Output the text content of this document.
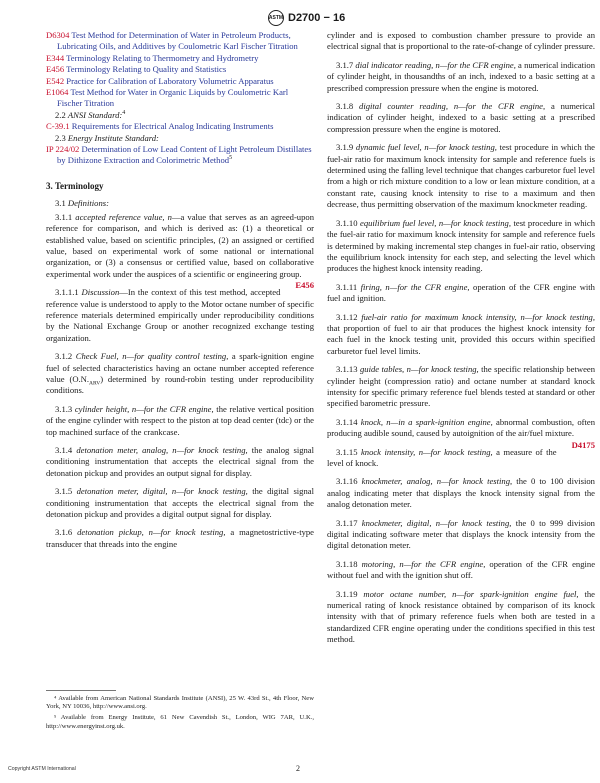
ASTM D2700 − 16
D6304 Test Method for Determination of Water in Petroleum Products, Lubricating Oils, and Additives by Coulometric Karl Fischer Titration
E344 Terminology Relating to Thermometry and Hydrometry
E456 Terminology Relating to Quality and Statistics
E542 Practice for Calibration of Laboratory Volumetric Apparatus
E1064 Test Method for Water in Organic Liquids by Coulometric Karl Fischer Titration
2.2 ANSI Standard:$^4$
C-39.1 Requirements for Electrical Analog Indicating Instruments
2.3 Energy Institute Standard:
IP 224/02 Determination of Low Lead Content of Light Petroleum Distillates by Dithizone Extraction and Colorimetric Method$^5$
3. Terminology

3.1 Definitions:

3.1.1 accepted reference value, n—a value that serves as an agreed-upon reference for comparison, and which is derived as: (1) a theoretical or established value, based on scientific principles, (2) an assigned or certified value, based on experimental work of some national or international organization, or (3) a consensus or certified value, based on collaborative experimental work under the auspices of a scientific or engineering group.
E456

3.1.1.1 Discussion—In the context of this test method, accepted reference value is understood to apply to the Motor octane number of specific reference materials determined empirically under reproducibility conditions by the National Exchange Group or another recognized exchange testing organization.

3.1.2 Check Fuel, n—for quality control testing, a spark-ignition engine fuel of selected characteristics having an octane number accepted reference value $(O.N._{ARV})$ determined by round-robin testing under reproducibility conditions.

3.1.3 cylinder height, n—for the CFR engine, the relative vertical position of the engine cylinder with respect to the piston at top dead center (tdc) or the top machined surface of the crankcase.

3.1.4 detonation meter, analog, n—for knock testing, the analog signal conditioning instrumentation that accepts the electrical signal from the detonation pickup and provides an output signal for display.

3.1.5 detonation meter, digital, n—for knock testing, the digital signal conditioning instrumentation that accepts the electrical signal from the detonation pickup and provides a digital output signal for display.

3.1.6 detonation pickup, n—for knock testing, a magnetostrictive-type transducer that threads into the engine

⁴ Available from American National Standards Institute (ANSI), 25 W. 43rd St., 4th Floor, New York, NY 10036, http://www.ansi.org.
⁵ Available from Energy Institute, 61 New Cavendish St., London, WIG 7AR, U.K., http://www.energyinst.org.uk.

cylinder and is exposed to combustion chamber pressure to provide an electrical signal that is proportional to the rate-of-change of cylinder pressure.

3.1.7 dial indicator reading, n—for the CFR engine, a numerical indication of cylinder height, in thousandths of an inch, indexed to a basic setting at a prescribed compression pressure when the engine is motored.

3.1.8 digital counter reading, n—for the CFR engine, a numerical indication of cylinder height, indexed to a basic setting at a prescribed compression pressure when the engine is motored.

3.1.9 dynamic fuel level, n—for knock testing, test procedure in which the fuel-air ratio for maximum knock intensity for sample and reference fuels is determined using the falling level technique that changes carburetor fuel level from a high or rich mixture condition to a low or lean mixture condition, at a constant rate, causing knock intensity to rise to a maximum and then decrease, thus permitting observation of the maximum knockmeter reading.

3.1.10 equilibrium fuel level, n—for knock testing, test procedure in which the fuel-air ratio for maximum knock intensity for sample and reference fuels is determined by making incremental step changes in fuel-air ratio, observing the equilibrium knock intensity for each step, and selecting the level which produces the highest knock intensity reading.

3.1.11 firing, n—for the CFR engine, operation of the CFR engine with fuel and ignition.

3.1.12 fuel-air ratio for maximum knock intensity, n—for knock testing, that proportion of fuel to air that produces the highest knock intensity for each fuel in the knock testing unit, provided this occurs within specified carburetor fuel level limits.

3.1.13 guide tables, n—for knock testing, the specific relationship between cylinder height (compression ratio) and octane number at standard knock intensity for specific primary reference fuel blends tested at standard or other specified barometric pressure.

3.1.14 knock, n—in a spark-ignition engine, abnormal combustion, often producing audible sound, caused by autoignition of the air/fuel mixture.
D4175

3.1.15 knock intensity, n—for knock testing, a measure of the level of knock.

3.1.16 knockmeter, analog, n—for knock testing, the 0 to 100 division analog indicating meter that displays the knock intensity signal from the analog detonation meter.

3.1.17 knockmeter, digital, n—for knock testing, the 0 to 999 division digital indicating software meter that displays the knock intensity from the digital detonation meter.

3.1.18 motoring, n—for the CFR engine, operation of the CFR engine without fuel and with the ignition shut off.

3.1.19 motor octane number, n—for spark-ignition engine fuel, the numerical rating of knock resistance obtained by comparison of its knock intensity with that of primary reference fuels when both are tested in a standardized CFR engine operating under the conditions specified in this test method.

Copyright ASTM International	2
